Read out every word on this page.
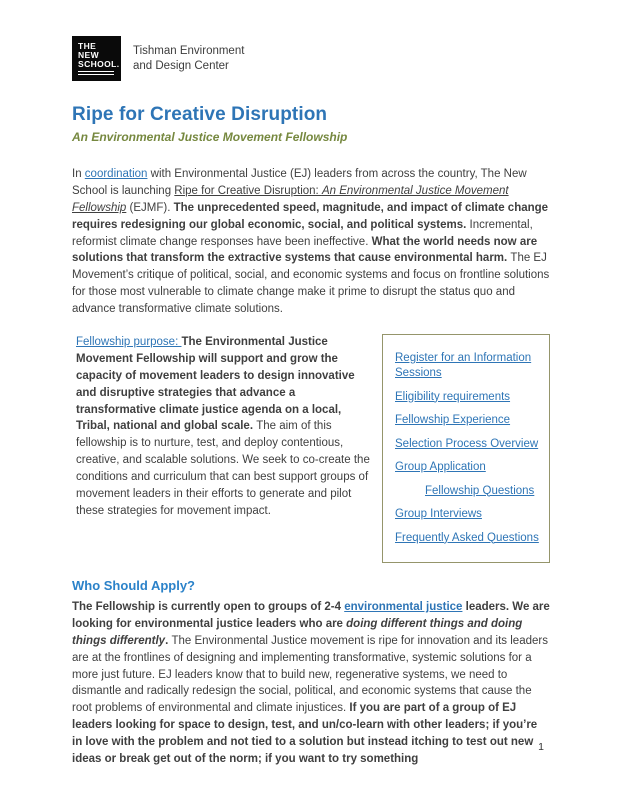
THE
NEW
SCHOOL.
Tishman Environment
and Design Center
Ripe for Creative Disruption
An Environmental Justice Movement Fellowship

In coordination with Environmental Justice (EJ) leaders from across the country, The New School is launching Ripe for Creative Disruption: An Environmental Justice Movement Fellowship (EJMF). The unprecedented speed, magnitude, and impact of climate change requires redesigning our global economic, social, and political systems. Incremental, reformist climate change responses have been ineffective. What the world needs now are solutions that transform the extractive systems that cause environmental harm. The EJ Movement’s critique of political, social, and economic systems and focus on frontline solutions for those most vulnerable to climate change make it prime to disrupt the status quo and advance transformative climate solutions.

Fellowship purpose: The Environmental Justice Movement Fellowship will support and grow the capacity of movement leaders to design innovative and disruptive strategies that advance a transformative climate justice agenda on a local, Tribal, national and global scale. The aim of this fellowship is to nurture, test, and deploy contentious, creative, and scalable solutions. We seek to co-create the conditions and curriculum that can best support groups of movement leaders in their efforts to generate and pilot these strategies for movement impact.

Register for an Information Sessions
Eligibility requirements
Fellowship Experience
Selection Process Overview
Group Application
Fellowship Questions
Group Interviews
Frequently Asked Questions
Who Should Apply?

The Fellowship is currently open to groups of 2-4 environmental justice leaders. We are looking for environmental justice leaders who are doing different things and doing things differently. The Environmental Justice movement is ripe for innovation and its leaders are at the frontlines of designing and implementing transformative, systemic solutions for a more just future. EJ leaders know that to build new, regenerative systems, we need to dismantle and radically redesign the social, political, and economic systems that cause the root problems of environmental and climate injustices. If you are part of a group of EJ leaders looking for space to design, test, and un/co-learn with other leaders; if you’re in love with the problem and not tied to a solution but instead itching to test out new ideas or break get out of the norm; if you want to try something

1
